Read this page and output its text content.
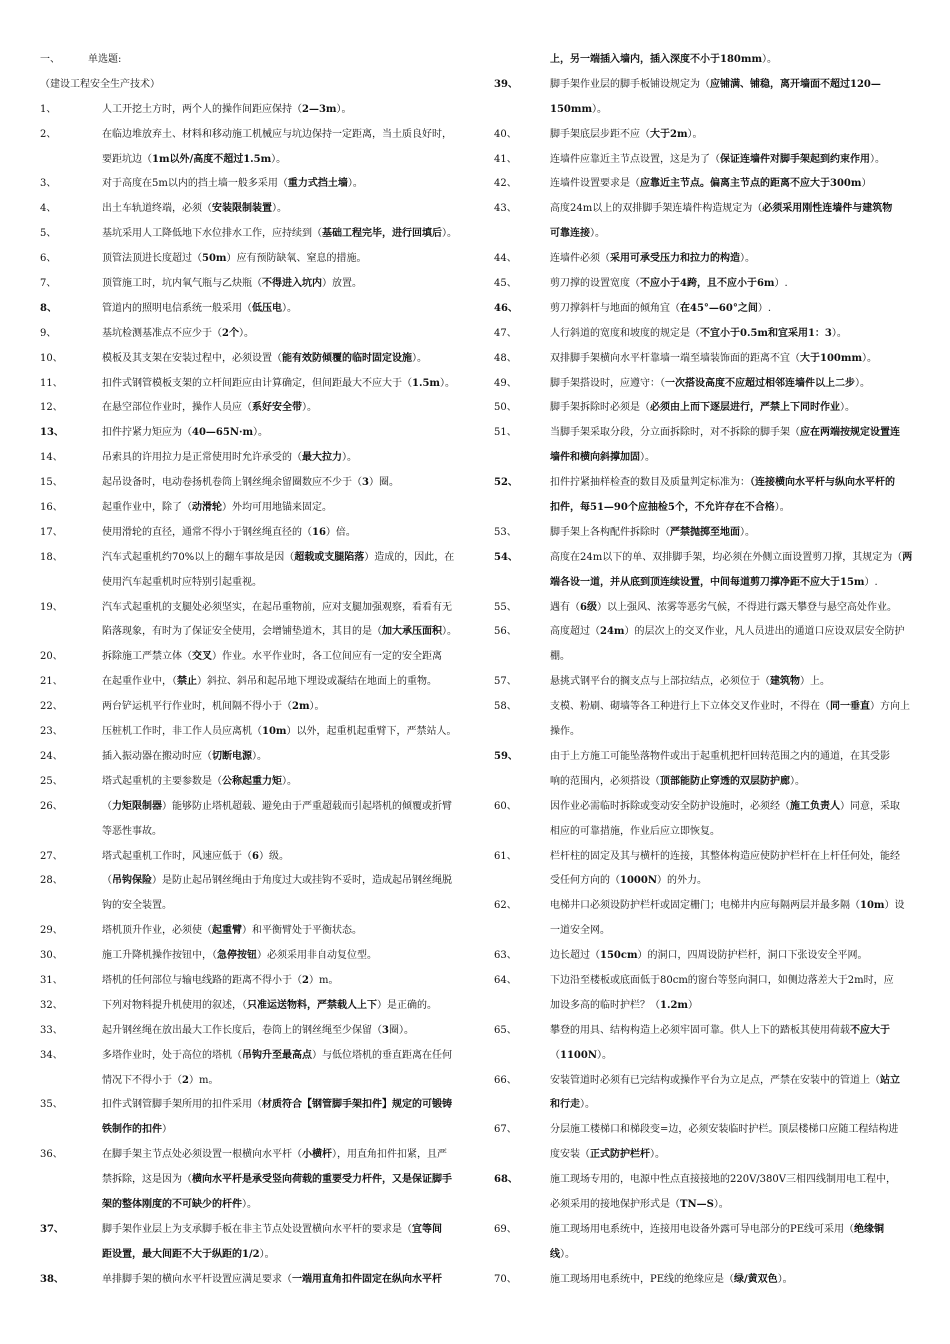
一、	单选题:
（建设工程安全生产技术）
1、	人工开挖土方时，两个人的操作间距应保持（2—3m）。
2、	在临边堆放弃土、材料和移动施工机械应与坑边保持一定距离，当土质良好时，
要距坑边（1m以外/高度不超过1.5m）。
3、	对于高度在5m以内的挡土墙一般多采用（重力式挡土墙）。
4、	出土车轨道终端，必须（安装限制装置）。
5、	基坑采用人工降低地下水位排水工作，应持续到（基础工程完毕，进行回填后）。
6、	顶管法顶进长度超过（50m）应有预防缺氧、窒息的措施。
7、	顶管施工时，坑内氧气瓶与乙炔瓶（不得进入坑内）放置。
8、	管道内的照明电信系统一般采用（低压电）。
9、	基坑检测基准点不应少于（2个）。
10、	模板及其支架在安装过程中，必须设置（能有效防倾覆的临时固定设施）。
11、	扣件式钢管模板支架的立杆间距应由计算确定，但间距最大不应大于（1.5m）。
12、	在悬空部位作业时，操作人员应（系好安全带）。
13、	扣件拧紧力矩应为（40—65N·m）。
14、	吊索具的许用拉力是正常使用时允许承受的（最大拉力）。
15、	起吊设备时，电动卷扬机卷筒上钢丝绳余留圈数应不少于（3）圈。
16、	起重作业中，除了（动滑轮）外均可用地锚来固定。
17、	使用滑轮的直径，通常不得小于钢丝绳直径的（16）倍。
18、	汽车式起重机约70%以上的翻车事故是因（超载或支腿陷落）造成的，因此，在
使用汽车起重机时应特别引起重视。
19、	汽车式起重机的支腿处必须坚实，在起吊重物前，应对支腿加强观察，看看有无
陷落现象，有时为了保证安全使用，会增铺垫道木，其目的是（加大承压面积）。
20、	拆除施工严禁立体（交叉）作业。水平作业时，各工位间应有一定的安全距离
21、	在起重作业中，（禁止）斜拉、斜吊和起吊地下埋设或凝结在地面上的重物。
22、	两台铲运机平行作业时，机间隔不得小于（2m）。
23、	压桩机工作时，非工作人员应离机（10m）以外，起重机起重臂下，严禁站人。
24、	插入振动器在搬动时应（切断电源）。
25、	塔式起重机的主要参数是（公称起重力矩）。
26、	（力矩限制器）能够防止塔机超载、避免由于严重超载而引起塔机的倾覆或折臂
等恶性事故。
27、	塔式起重机工作时，风速应低于（6）级。
28、	（吊钩保险）是防止起吊钢丝绳由于角度过大或挂钩不妥时，造成起吊钢丝绳脱
钩的安全装置。
29、	塔机顶升作业，必须使（起重臂）和平衡臂处于平衡状态。
30、	施工升降机操作按钮中，（急停按钮）必须采用非自动复位型。
31、	塔机的任何部位与输电线路的距离不得小于（2）m。
32、	下列对物料提升机使用的叙述，（只准运送物料，严禁载人上下）是正确的。
33、	起升钢丝绳在放出最大工作长度后，卷筒上的钢丝绳至少保留（3圈）。
34、	多塔作业时，处于高位的塔机（吊钩升至最高点）与低位塔机的垂直距离在任何
情况下不得小于（2）m。
35、	扣件式钢管脚手架所用的扣件采用（材质符合【钢管脚手架扣件】规定的可锻铸
铁制作的扣件）
36、	在脚手架主节点处必须设置一根横向水平杆（小横杆），用直角扣件扣紧，且严
禁拆除，这是因为（横向水平杆是承受竖向荷载的重要受力杆件，又是保证脚手
架的整体刚度的不可缺少的杆件）。
37、	脚手架作业层上为支承脚手板在非主节点处设置横向水平杆的要求是（宜等间
距设置，最大间距不大于纵距的1/2）。
38、	单排脚手架的横向水平杆设置应满足要求（一端用直角扣件固定在纵向水平杆
上，另一端插入墙内，插入深度不小于180mm）。
39、	脚手架作业层的脚手板铺设规定为（应铺满、铺稳，离开墙面不超过120—
150mm）。
40、	脚手架底层步距不应（大于2m）。
41、	连墙件应靠近主节点设置，这是为了（保证连墙件对脚手架起到约束作用）。
42、	连墙件设置要求是（应靠近主节点。偏离主节点的距离不应大于300m）
43、	高度24m以上的双排脚手架连墙件构造规定为（必须采用刚性连墙件与建筑物
可靠连接）。
44、	连墙件必须（采用可承受压力和拉力的构造）。
45、	剪刀撑的设置宽度（不应小于4跨，且不应小于6m）.
46、	剪刀撑斜杆与地面的倾角宜（在45°—60°之间）.
47、	人行斜道的宽度和坡度的规定是（不宜小于0.5m和宜采用1：3）。
48、	双排脚手架横向水平杆靠墙一端至墙装饰面的距离不宜（大于100mm）。
49、	脚手架搭设时，应遵守：（一次搭设高度不应超过相邻连墙件以上二步）。
50、	脚手架拆除时必须是（必须由上而下逐层进行，严禁上下同时作业）。
51、	当脚手架采取分段，分立面拆除时，对不拆除的脚手架（应在两端按规定设置连
墙件和横向斜撑加固）。
52、	扣件拧紧抽样检查的数目及质量判定标准为：（连接横向水平杆与纵向水平杆的
扣件，每51—90个应抽检5个，不允许存在不合格）。
53、	脚手架上各构配件拆除时（严禁抛掷至地面）。
54、	高度在24m以下的单、双排脚手架，均必须在外侧立面设置剪刀撑，其规定为（两
端各设一道，并从底到顶连续设置，中间每道剪刀撑净距不应大于15m）.
55、	遇有（6级）以上强风、浓雾等恶劣气候，不得进行露天攀登与悬空高处作业。
56、	高度超过（24m）的层次上的交叉作业，凡人员进出的通道口应设双层安全防护
棚。
57、	悬挑式钢平台的搁支点与上部拉结点，必须位于（建筑物）上。
58、	支模、粉刷、砌墙等各工种进行上下立体交叉作业时，不得在（同一垂直）方向上
操作。
59、	由于上方施工可能坠落物件或出于起重机把杆回转范围之内的通道，在其受影
响的范围内，必须搭设（顶部能防止穿透的双层防护廊）。
60、	因作业必需临时拆除或变动安全防护设施时，必须经（施工负责人）同意，采取
相应的可靠措施，作业后应立即恢复。
61、	栏杆柱的固定及其与横杆的连接，其整体构造应使防护栏杆在上杆任何处，能经
受任何方向的（1000N）的外力。
62、	电梯井口必须设防护栏杆或固定栅门；电梯井内应每隔两层并最多隔（10m）设
一道安全网。
63、	边长超过（150cm）的洞口，四周设防护栏杆，洞口下张设安全平网。
64、	下边沿至楼板或底面低于80cm的窗台等竖向洞口，如侧边落差大于2m时，应
加设多高的临时护栏？（1.2m）
65、	攀登的用具、结构构造上必须牢固可靠。供人上下的踏板其使用荷载不应大于
（1100N）。
66、	安装管道时必须有已完结构或操作平台为立足点，严禁在安装中的管道上（站立
和行走）。
67、	分层施工楼梯口和梯段变=边，必须安装临时护栏。顶层楼梯口应随工程结构进
度安装（正式防护栏杆）。
68、	施工现场专用的，电源中性点直接接地的220V/380V三相四线制用电工程中，
必须采用的接地保护形式是（TN—S）。
69、	施工现场用电系统中，连接用电设备外露可导电部分的PE线可采用（绝缘铜
线）。
70、	施工现场用电系统中，PE线的绝缘应是（绿/黄双色）。
